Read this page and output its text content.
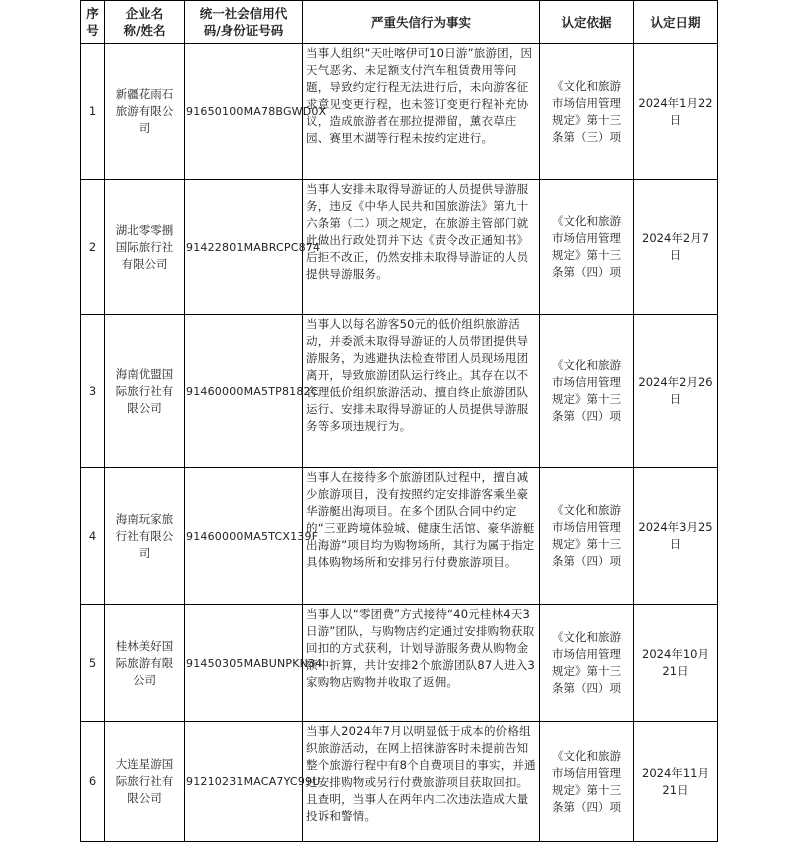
序号	企业名称/姓名	统一社会信用代码/身份证号码	严重失信行为事实	认定依据	认定日期
1	新疆花雨石旅游有限公司	91650100MA78BGWD0X	当事人组织“天吐喀伊可10日游”旅游团，因天气恶劣、未足额支付汽车租赁费用等问题，导致约定行程无法进行后，未向游客征求意见变更行程，也未签订变更行程补充协议，造成旅游者在那拉提滞留，薰衣草庄园、赛里木湖等行程未按约定进行。	《文化和旅游市场信用管理规定》第十三条第（三）项	2024年1月22日
2	湖北零零捌国际旅行社有限公司	91422801MABRCPC874	当事人安排未取得导游证的人员提供导游服务，违反《中华人民共和国旅游法》第九十六条第（二）项之规定，在旅游主管部门就此做出行政处罚并下达《责令改正通知书》后拒不改正，仍然安排未取得导游证的人员提供导游服务。	《文化和旅游市场信用管理规定》第十三条第（四）项	2024年2月7日
3	海南优盟国际旅行社有限公司	91460000MA5TP8182C	当事人以每名游客50元的低价组织旅游活动，并委派未取得导游证的人员带团提供导游服务，为逃避执法检查带团人员现场甩团离开，导致旅游团队运行终止。其存在以不合理低价组织旅游活动、擅自终止旅游团队运行、安排未取得导游证的人员提供导游服务等多项违规行为。	《文化和旅游市场信用管理规定》第十三条第（四）项	2024年2月26日
4	海南玩家旅行社有限公司	91460000MA5TCX139F	当事人在接待多个旅游团队过程中，擅自减少旅游项目，没有按照约定安排游客乘坐豪华游艇出海项目。在多个团队合同中约定的“三亚跨境体验城、健康生活馆、豪华游艇出海游”项目均为购物场所，其行为属于指定具体购物场所和安排另行付费旅游项目。	《文化和旅游市场信用管理规定》第十三条第（四）项	2024年3月25日
5	桂林美好国际旅游有限公司	91450305MABUNPKN34	当事人以“零团费”方式接待“40元桂林4天3日游”团队，与购物店约定通过安排购物获取回扣的方式获利，计划导游服务费从购物金额中折算，共计安排2个旅游团队87人进入3家购物店购物并收取了返佣。	《文化和旅游市场信用管理规定》第十三条第（四）项	2024年10月21日
6	大连星游国际旅行社有限公司	91210231MACA7YC99U	当事人2024年7月以明显低于成本的价格组织旅游活动，在网上招徕游客时未提前告知整个旅游行程中有8个自费项目的事实，并通过安排购物或另行付费旅游项目获取回扣。且查明，当事人在两年内二次违法造成大量投诉和警情。	《文化和旅游市场信用管理规定》第十三条第（四）项	2024年11月21日
